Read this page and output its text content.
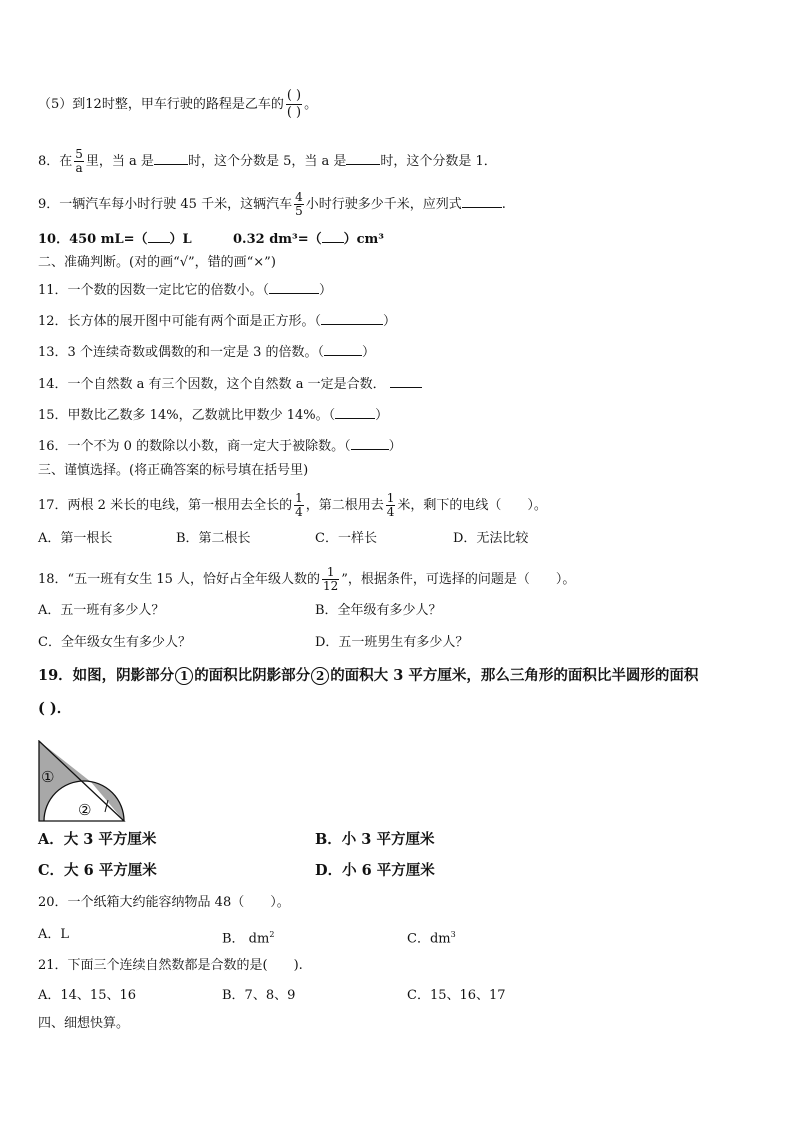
（5）到12时整，甲车行驶的路程是乙车的 $\frac{( )}{( )}$ 。
8．在 $\frac{5}{a}$ 里，当 a 是	时，这个分数是 5，当 a 是	时，这个分数是 1．
9．一辆汽车每小时行驶 45 千米，这辆汽车 $\frac{4}{5}$ 小时行驶多少千米，应列式	.
10．450 mL=（ ）L	0.32 dm³=（ ）cm³
二、准确判断。(对的画“√”，错的画“×”)
11．一个数的因数一定比它的倍数小。（	）
12．长方体的展开图中可能有两个面是正方形。（	）
13．3 个连续奇数或偶数的和一定是 3 的倍数。（	）
14．一个自然数 a 有三个因数，这个自然数 a 一定是合数．
15．甲数比乙数多 14%，乙数就比甲数少 14%。（	）
16．一个不为 0 的数除以小数，商一定大于被除数。（	）
三、谨慎选择。(将正确答案的标号填在括号里)
17．两根 2 米长的电线，第一根用去全长的 $\frac{1}{4}$ ，第二根用去 $\frac{1}{4}$ 米，剩下的电线（　　）。
A．第一根长	B．第二根长	C．一样长	D．无法比较
18．“五一班有女生 15 人，恰好占全年级人数的 $\frac{1}{12}$ ”，根据条件，可选择的问题是（　　）。
A．五一班有多少人？	B．全年级有多少人？
C．全年级女生有多少人？	D．五一班男生有多少人？
19．如图，阴影部分 1 的面积比阴影部分 2 的面积大 3 平方厘米，那么三角形的面积比半圆形的面积
( )．
①
②
A．大 3 平方厘米	B．小 3 平方厘米
C．大 6 平方厘米	D．小 6 平方厘米
20．一个纸箱大约能容纳物品 48（　　）。
A．L	B． $dm^2$	C．$dm^3$
21．下面三个连续自然数都是合数的是(　　).
A．14、15、16	B．7、8、9	C．15、16、17
四、细想快算。
